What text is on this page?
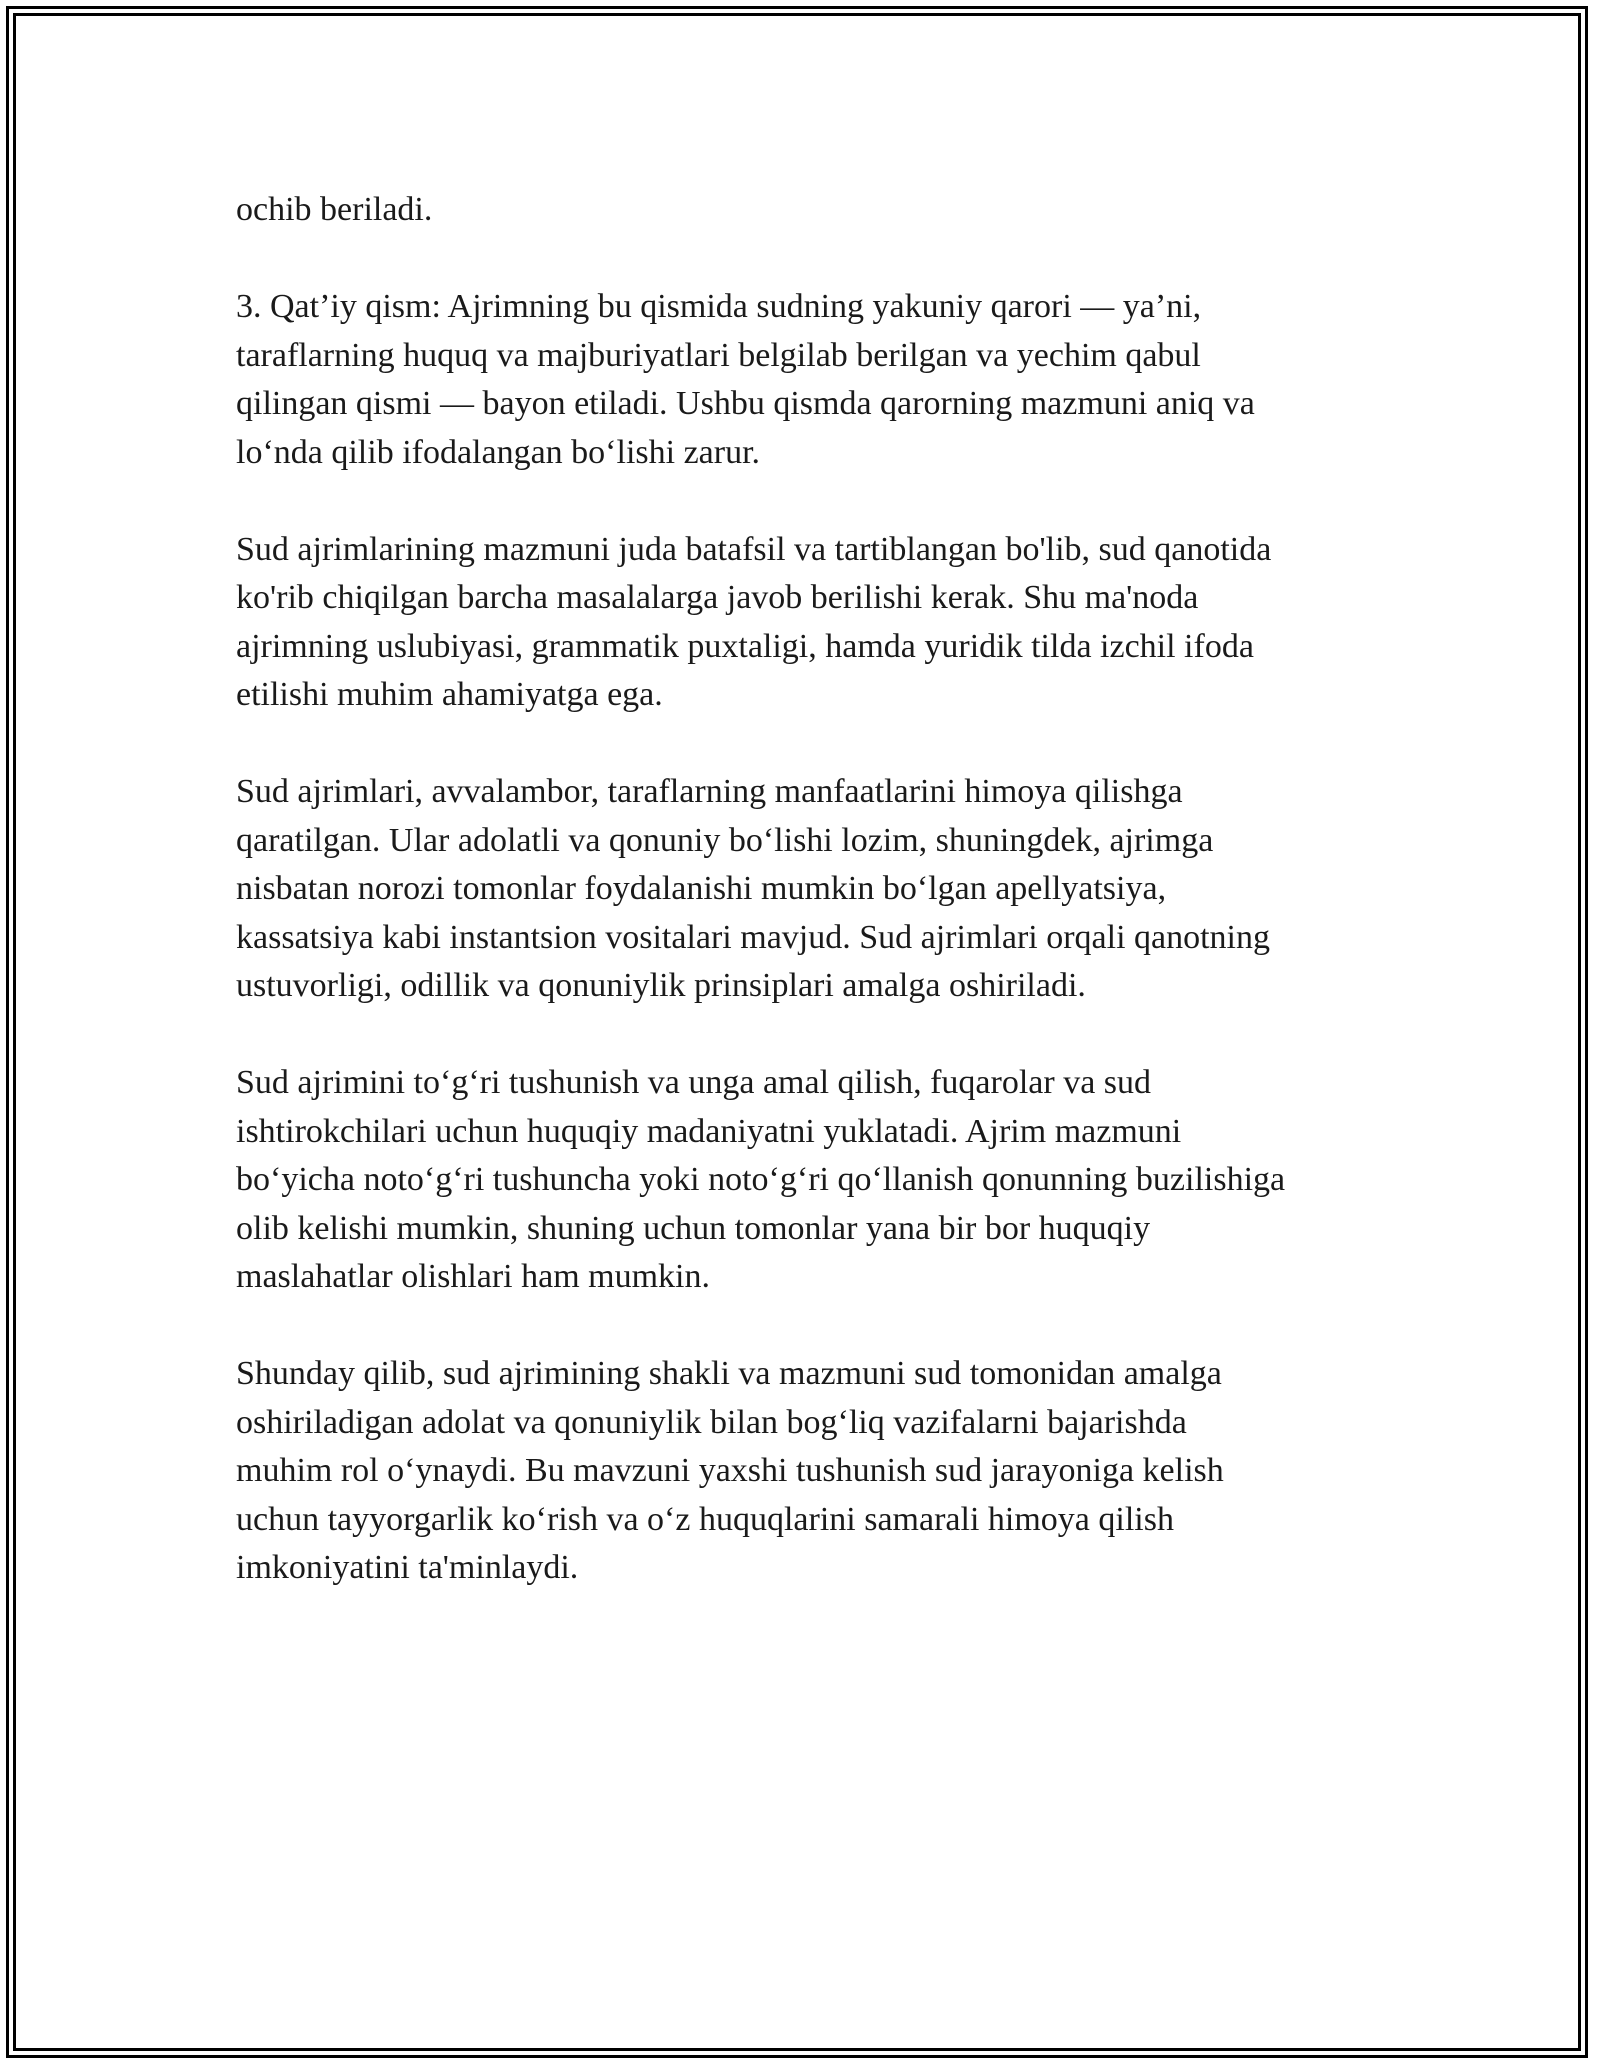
ochib beriladi.

3. Qat’iy qism: Ajrimning bu qismida sudning yakuniy qarori — ya’ni,
taraflarning huquq va majburiyatlari belgilab berilgan va yechim qabul
qilingan qismi — bayon etiladi. Ushbu qismda qarorning mazmuni aniq va
lo‘nda qilib ifodalangan bo‘lishi zarur.

Sud ajrimlarining mazmuni juda batafsil va tartiblangan bo'lib, sud qanotida
ko'rib chiqilgan barcha masalalarga javob berilishi kerak. Shu ma'noda
ajrimning uslubiyasi, grammatik puxtaligi, hamda yuridik tilda izchil ifoda
etilishi muhim ahamiyatga ega.

Sud ajrimlari, avvalambor, taraflarning manfaatlarini himoya qilishga
qaratilgan. Ular adolatli va qonuniy bo‘lishi lozim, shuningdek, ajrimga
nisbatan norozi tomonlar foydalanishi mumkin bo‘lgan apellyatsiya,
kassatsiya kabi instantsion vositalari mavjud. Sud ajrimlari orqali qanotning
ustuvorligi, odillik va qonuniylik prinsiplari amalga oshiriladi.

Sud ajrimini to‘g‘ri tushunish va unga amal qilish, fuqarolar va sud
ishtirokchilari uchun huquqiy madaniyatni yuklatadi. Ajrim mazmuni
bo‘yicha noto‘g‘ri tushuncha yoki noto‘g‘ri qo‘llanish qonunning buzilishiga
olib kelishi mumkin, shuning uchun tomonlar yana bir bor huquqiy
maslahatlar olishlari ham mumkin.

Shunday qilib, sud ajrimining shakli va mazmuni sud tomonidan amalga
oshiriladigan adolat va qonuniylik bilan bog‘liq vazifalarni bajarishda
muhim rol o‘ynaydi. Bu mavzuni yaxshi tushunish sud jarayoniga kelish
uchun tayyorgarlik ko‘rish va o‘z huquqlarini samarali himoya qilish
imkoniyatini ta'minlaydi.
